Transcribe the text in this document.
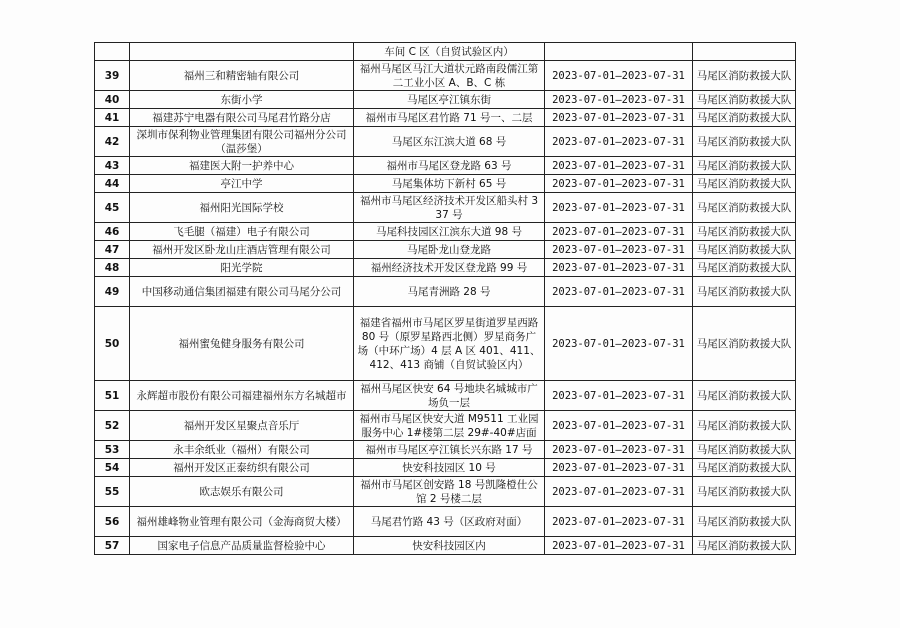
		车间 C 区（自贸试验区内）		
39	福州三和精密轴有限公司	福州马尾区马江大道状元路南段儒江第二工业小区 A、B、C 栋	2023-07-01—2023-07-31	马尾区消防救援大队
40	东街小学	马尾区亭江镇东街	2023-07-01—2023-07-31	马尾区消防救援大队
41	福建苏宁电器有限公司马尾君竹路分店	福州市马尾区君竹路 71 号一、二层	2023-07-01—2023-07-31	马尾区消防救援大队
42	深圳市保利物业管理集团有限公司福州分公司（温莎堡）	马尾区东江滨大道 68 号	2023-07-01—2023-07-31	马尾区消防救援大队
43	福建医大附一护养中心	福州市马尾区登龙路 63 号	2023-07-01—2023-07-31	马尾区消防救援大队
44	亭江中学	马尾集体坊下新村 65 号	2023-07-01—2023-07-31	马尾区消防救援大队
45	福州阳光国际学校	福州市马尾区经济技术开发区船头村 337 号	2023-07-01—2023-07-31	马尾区消防救援大队
46	飞毛腿（福建）电子有限公司	马尾科技园区江滨东大道 98 号	2023-07-01—2023-07-31	马尾区消防救援大队
47	福州开发区卧龙山庄酒店管理有限公司	马尾卧龙山登龙路	2023-07-01—2023-07-31	马尾区消防救援大队
48	阳光学院	福州经济技术开发区登龙路 99 号	2023-07-01—2023-07-31	马尾区消防救援大队
49	中国移动通信集团福建有限公司马尾分公司	马尾青洲路 28 号	2023-07-01—2023-07-31	马尾区消防救援大队
50	福州蜜兔健身服务有限公司	福建省福州市马尾区罗星街道罗星西路 80 号（原罗星路西北侧）罗星商务广场（中环广场）4 层 A 区 401、411、412、413 商铺（自贸试验区内）	2023-07-01—2023-07-31	马尾区消防救援大队
51	永辉超市股份有限公司福建福州东方名城超市	福州马尾区快安 64 号地块名城城市广场负一层	2023-07-01—2023-07-31	马尾区消防救援大队
52	福州开发区星聚点音乐厅	福州市马尾区快安大道 M9511 工业园服务中心 1#楼第二层 29#-40#店面	2023-07-01—2023-07-31	马尾区消防救援大队
53	永丰余纸业（福州）有限公司	福州市马尾区亭江镇长兴东路 17 号	2023-07-01—2023-07-31	马尾区消防救援大队
54	福州开发区正泰纺织有限公司	快安科技园区 10 号	2023-07-01—2023-07-31	马尾区消防救援大队
55	欧志娱乐有限公司	福州市马尾区创安路 18 号凯隆橙仕公馆 2 号楼二层	2023-07-01—2023-07-31	马尾区消防救援大队
56	福州雄峰物业管理有限公司（金海商贸大楼）	马尾君竹路 43 号（区政府对面）	2023-07-01—2023-07-31	马尾区消防救援大队
57	国家电子信息产品质量监督检验中心	快安科技园区内	2023-07-01—2023-07-31	马尾区消防救援大队
